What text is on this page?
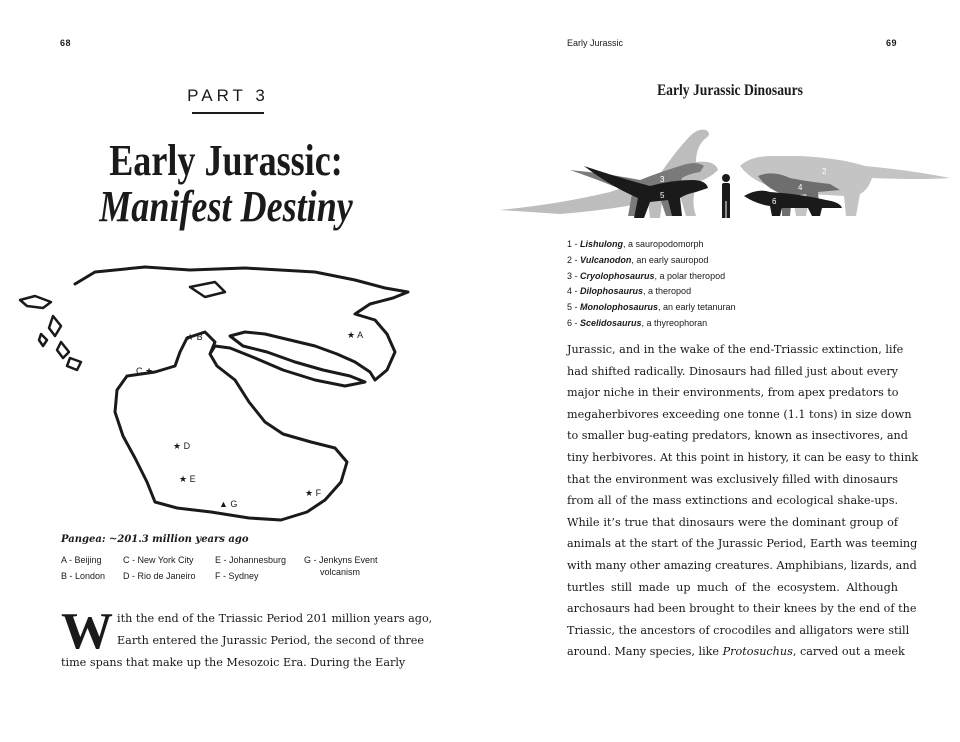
68
PART 3
Early Jurassic:
Manifest Destiny
★ B	★ A
C ★
★ D
★ E
▲ G
★ F
Pangea: ~201.3 million years ago
A - Beijing
B - London
C - New York City
D - Rio de Janeiro
E - Johannesburg
F - Sydney
G - Jenkyns Event
volcanism
W ith the end of the Triassic Period 201 million years ago,
Earth entered the Jurassic Period, the second of three
time spans that make up the Mesozoic Era. During the Early
Early Jurassic	69
Early Jurassic Dinosaurs
1
2
3
4
5
6
1 - Lishulong, a sauropodomorph
2 - Vulcanodon, an early sauropod
3 - Cryolophosaurus, a polar theropod
4 - Dilophosaurus, a theropod
5 - Monolophosaurus, an early tetanuran
6 - Scelidosaurus, a thyreophoran
Jurassic, and in the wake of the end-Triassic extinction, life
had shifted radically. Dinosaurs had filled just about every
major niche in their environments, from apex predators to
megaherbivores exceeding one tonne (1.1 tons) in size down
to smaller bug-eating predators, known as insectivores, and
tiny herbivores. At this point in history, it can be easy to think
that the environment was exclusively filled with dinosaurs
from all of the mass extinctions and ecological shake-ups.
While it’s true that dinosaurs were the dominant group of
animals at the start of the Jurassic Period, Earth was teeming
with many other amazing creatures. Amphibians, lizards, and
turtles still made up much of the ecosystem. Although
archosaurs had been brought to their knees by the end of the
Triassic, the ancestors of crocodiles and alligators were still
around. Many species, like Protosuchus, carved out a meek
